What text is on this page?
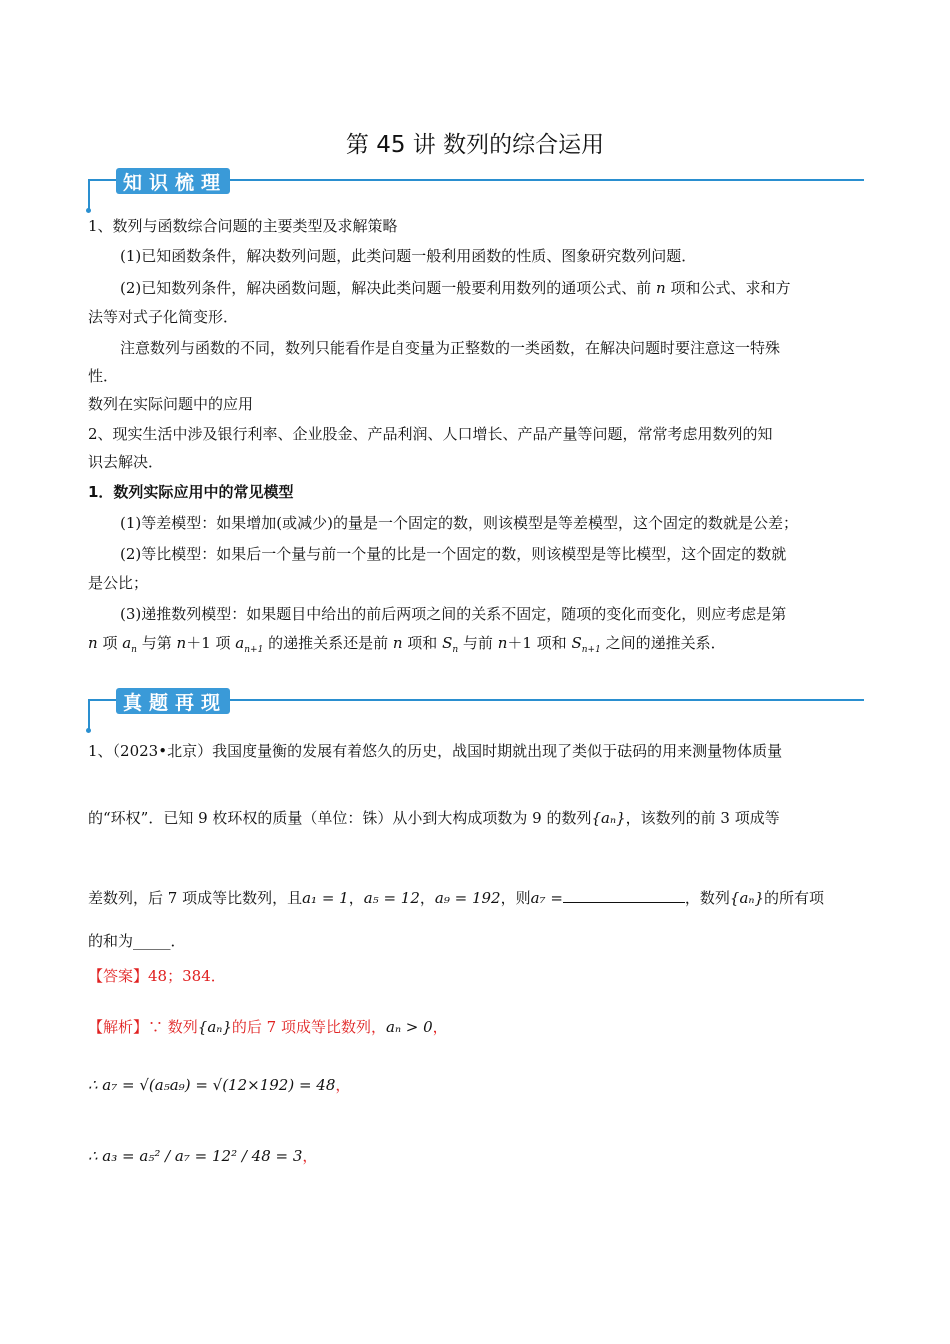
第 45 讲 数列的综合运用
知 识 梳 理
1、数列与函数综合问题的主要类型及求解策略
(1)已知函数条件，解决数列问题，此类问题一般利用函数的性质、图象研究数列问题．
(2)已知数列条件，解决函数问题，解决此类问题一般要利用数列的通项公式、前 n 项和公式、求和方
法等对式子化简变形．
注意数列与函数的不同，数列只能看作是自变量为正整数的一类函数，在解决问题时要注意这一特殊
性．
数列在实际问题中的应用
2、现实生活中涉及银行利率、企业股金、产品利润、人口增长、产品产量等问题，常常考虑用数列的知
识去解决．
1．数列实际应用中的常见模型
(1)等差模型：如果增加(或减少)的量是一个固定的数，则该模型是等差模型，这个固定的数就是公差；
(2)等比模型：如果后一个量与前一个量的比是一个固定的数，则该模型是等比模型，这个固定的数就
是公比；
(3)递推数列模型：如果题目中给出的前后两项之间的关系不固定，随项的变化而变化，则应考虑是第
n 项 $a_n$ 与第 n＋1 项 $a_{n+1}$ 的递推关系还是前 n 项和 $S_n$ 与前 n＋1 项和 $S_{n+1}$ 之间的递推关系．
真 题 再 现
1、（2023•北京）我国度量衡的发展有着悠久的历史，战国时期就出现了类似于砝码的用来测量物体质量
的“环权”．已知 9 枚环权的质量（单位：铢）从小到大构成项数为 9 的数列{aₙ}，该数列的前 3 项成等
差数列，后 7 项成等比数列，且a₁ = 1，a₅ = 12，a₉ = 192，则a₇ =	，数列{aₙ}的所有项
的和为_____．
【答案】48；384．
【解析】∵ 数列{aₙ}的后 7 项成等比数列，aₙ > 0，
∴ a₇ = √(a₅a₉) = √(12×192) = 48，
∴ a₃ = a₅² / a₇ = 12² / 48 = 3，
